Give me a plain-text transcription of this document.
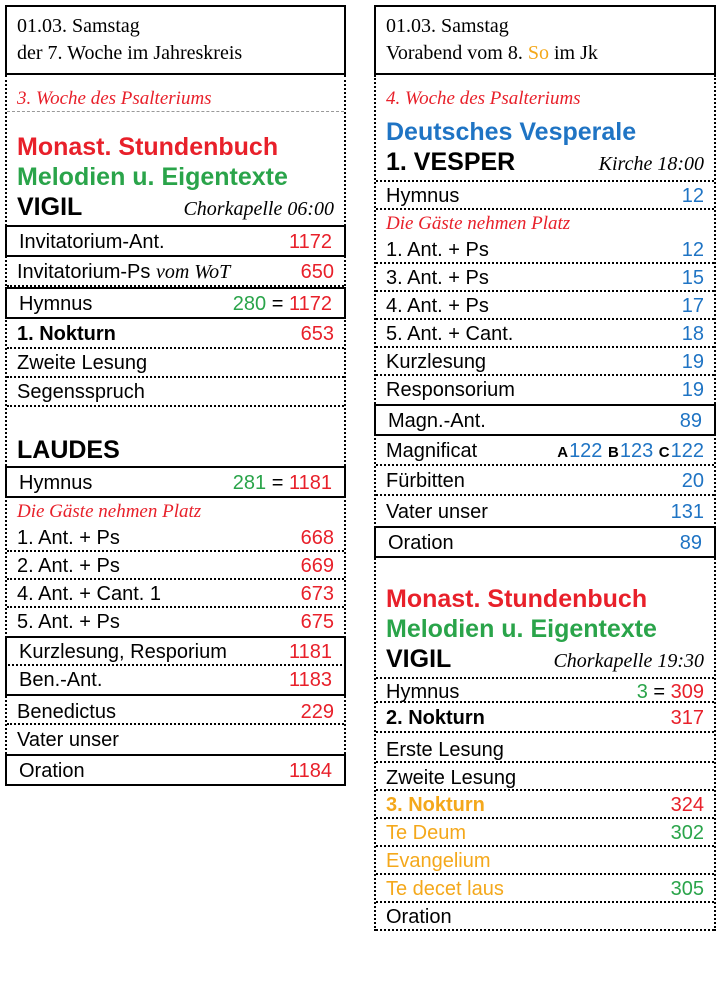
01.03. Samstag
der 7. Woche im Jahreskreis
3. Woche des Psalteriums
Monast. Stundenbuch
Melodien u. Eigentexte
VIGIL	Chorkapelle 06:00
Invitatorium-Ant.	1172
Invitatorium-Ps vom WoT	650
Hymnus	280 = 1172
1. Nokturn	653
Zweite Lesung
Segensspruch
LAUDES
Hymnus	281 = 1181
Die Gäste nehmen Platz
1. Ant. + Ps	668
2. Ant. + Ps	669
4. Ant. + Cant. 1	673
5. Ant. + Ps	675
Kurzlesung, Resporium	1181
Ben.-Ant.	1183
Benedictus	229
Vater unser
Oration	1184
01.03. Samstag
Vorabend vom 8. So im Jk
4. Woche des Psalteriums
Deutsches Vesperale
1. VESPER	Kirche 18:00
Hymnus	12
Die Gäste nehmen Platz
1. Ant. + Ps	12
3. Ant. + Ps	15
4. Ant. + Ps	17
5. Ant. + Cant.	18
Kurzlesung	19
Responsorium	19
Magn.-Ant.	89
Magnificat	A122 B123 C122
Fürbitten	20
Vater unser	131
Oration	89
Monast. Stundenbuch
Melodien u. Eigentexte
VIGIL	Chorkapelle 19:30
Hymnus	3 = 309
2. Nokturn	317
Erste Lesung
Zweite Lesung
3. Nokturn	324
Te Deum	302
Evangelium
Te decet laus	305
Oration
